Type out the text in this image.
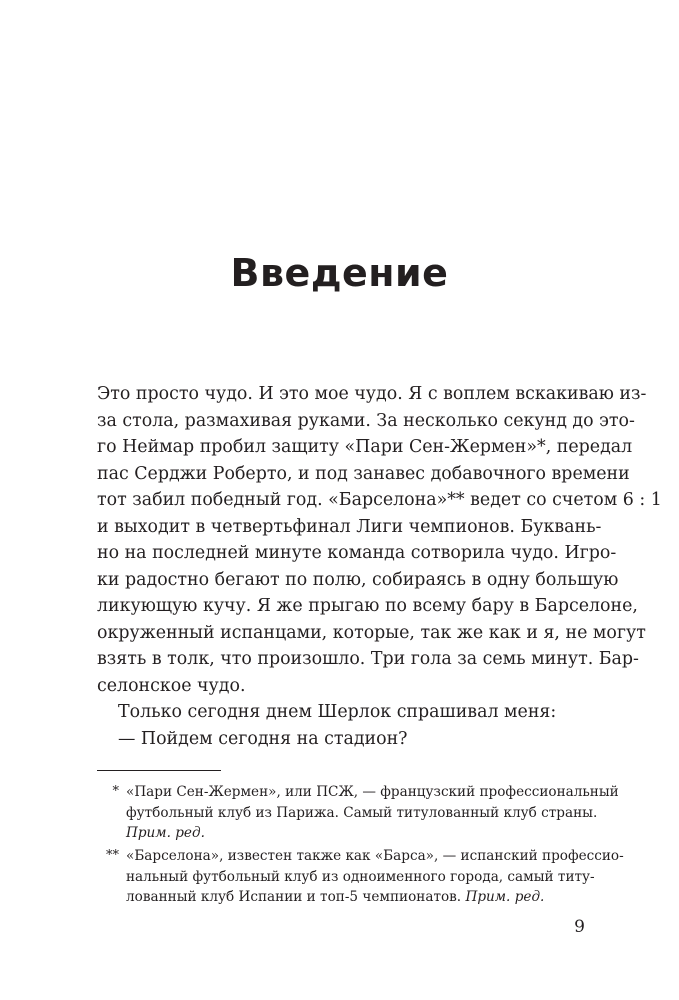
Введение
Это просто чудо. И это мое чудо. Я с воплем вскакиваю из-
за стола, размахивая руками. За несколько секунд до это-
го Неймар пробил защиту «Пари Сен-Жермен»*, передал
пас Серджи Роберто, и под занавес добавочного времени
тот забил победный год. «Барселона»** ведет со счетом 6 : 1
и выходит в четвертьфинал Лиги чемпионов. Буквань-
но на последней минуте команда сотворила чудо. Игро-
ки радостно бегают по полю, собираясь в одну большую
ликующую кучу. Я же прыгаю по всему бару в Барселоне,
окруженный испанцами, которые, так же как и я, не могут
взять в толк, что произошло. Три гола за семь минут. Бар-
селонское чудо.
Только сегодня днем Шерлок спрашивал меня:
— Пойдем сегодня на стадион?
* «Пари Сен-Жермен», или ПСЖ, — французский профессиональный
футбольный клуб из Парижа. Самый титулованный клуб страны.
Прим. ред.
** «Барселона», известен также как «Барса», — испанский профессио-
нальный футбольный клуб из одноименного города, самый титу-
лованный клуб Испании и топ-5 чемпионатов. Прим. ред.
9
